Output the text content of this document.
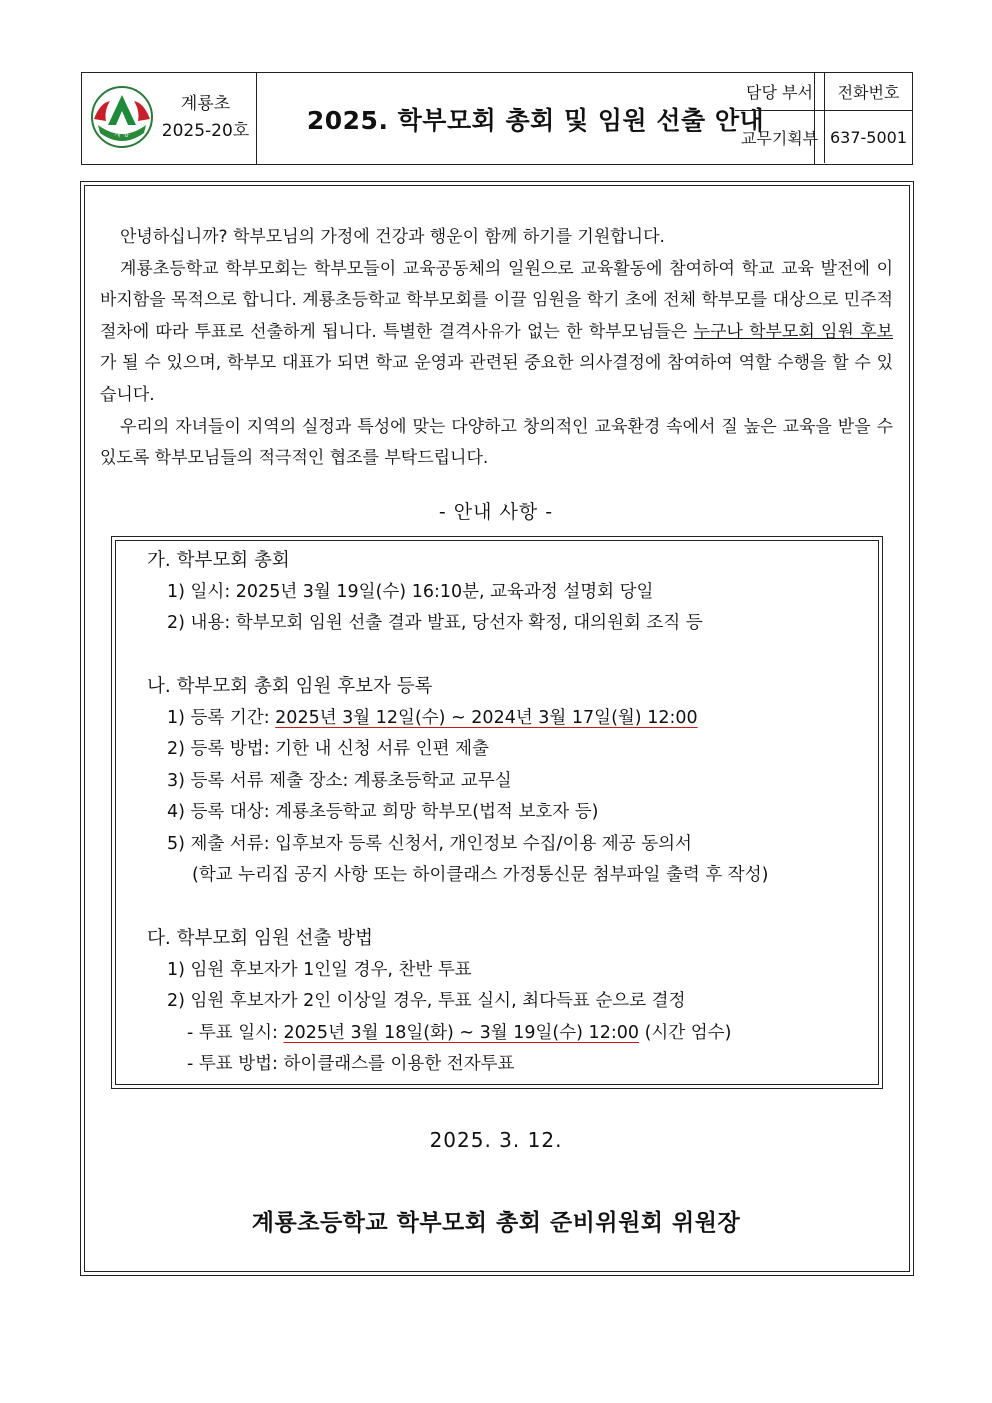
계 룡
계룡초
2025-20호 2025. 학부모회 총회 및 임원 선출 안내
담당 부서	전화번호
교무기획부 637-5001

안녕하십니까? 학부모님의 가정에 건강과 행운이 함께 하기를 기원합니다.

계룡초등학교 학부모회는 학부모들이 교육공동체의 일원으로 교육활동에 참여하여 학교 교육 발전에 이바지함을 목적으로 합니다. 계룡초등학교 학부모회를 이끌 임원을 학기 초에 전체 학부모를 대상으로 민주적 절차에 따라 투표로 선출하게 됩니다. 특별한 결격사유가 없는 한 학부모님들은 누구나 학부모회 임원 후보가 될 수 있으며, 학부모 대표가 되면 학교 운영과 관련된 중요한 의사결정에 참여하여 역할 수행을 할 수 있습니다.

우리의 자녀들이 지역의 실정과 특성에 맞는 다양하고 창의적인 교육환경 속에서 질 높은 교육을 받을 수 있도록 학부모님들의 적극적인 협조를 부탁드립니다.

- 안내 사항 -
가. 학부모회 총회
1) 일시: 2025년 3월 19일(수) 16:10분, 교육과정 설명회 당일
2) 내용: 학부모회 임원 선출 결과 발표, 당선자 확정, 대의원회 조직 등
나. 학부모회 총회 임원 후보자 등록
1) 등록 기간: 2025년 3월 12일(수) ~ 2024년 3월 17일(월) 12:00
2) 등록 방법: 기한 내 신청 서류 인편 제출
3) 등록 서류 제출 장소: 계룡초등학교 교무실
4) 등록 대상: 계룡초등학교 희망 학부모(법적 보호자 등)
5) 제출 서류: 입후보자 등록 신청서, 개인정보 수집/이용 제공 동의서
(학교 누리집 공지 사항 또는 하이클래스 가정통신문 첨부파일 출력 후 작성)
다. 학부모회 임원 선출 방법
1) 임원 후보자가 1인일 경우, 찬반 투표
2) 임원 후보자가 2인 이상일 경우, 투표 실시, 최다득표 순으로 결정
- 투표 일시: 2025년 3월 18일(화) ~ 3월 19일(수) 12:00 (시간 엄수)
- 투표 방법: 하이클래스를 이용한 전자투표
2025. 3. 12.
계룡초등학교 학부모회 총회 준비위원회 위원장
